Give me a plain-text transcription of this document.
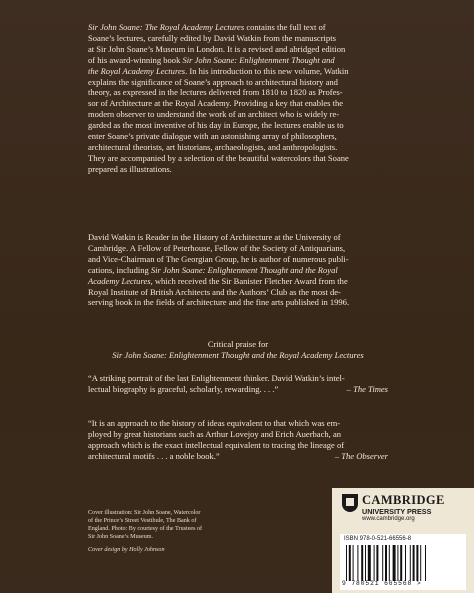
Sir John Soane: The Royal Academy Lectures contains the full text of
Soane’s lectures, carefully edited by David Watkin from the manuscripts
at Sir John Soane’s Museum in London. It is a revised and abridged edition
of his award-winning book Sir John Soane: Enlightenment Thought and
the Royal Academy Lectures. In his introduction to this new volume, Watkin
explains the significance of Soane’s approach to architectural history and
theory, as expressed in the lectures delivered from 1810 to 1820 as Profes-
sor of Architecture at the Royal Academy. Providing a key that enables the
modern observer to understand the work of an architect who is widely re-
garded as the most inventive of his day in Europe, the lectures enable us to
enter Soane’s private dialogue with an astonishing array of philosophers,
architectural theorists, art historians, archaeologists, and anthropologists.
They are accompanied by a selection of the beautiful watercolors that Soane
prepared as illustrations.
David Watkin is Reader in the History of Architecture at the University of
Cambridge. A Fellow of Peterhouse, Fellow of the Society of Antiquarians,
and Vice-Chairman of The Georgian Group, he is author of numerous publi-
cations, including Sir John Soane: Enlightenment Thought and the Royal
Academy Lectures, which received the Sir Banister Fletcher Award from the
Royal Institute of British Architects and the Authors’ Club as the most de-
serving book in the fields of architecture and the fine arts published in 1996.
Critical praise for
Sir John Soane: Enlightenment Thought and the Royal Academy Lectures
“A striking portrait of the last Enlightenment thinker. David Watkin’s intel-
lectual biography is graceful, scholarly, rewarding. . . .”	– The Times
“It is an approach to the history of ideas equivalent to that which was em-
ployed by great historians such as Arthur Lovejoy and Erich Auerbach, an
approach which is the exact intellectual equivalent to tracing the lineage of
architectural motifs . . . a noble book.”	– The Observer
Cover illustration: Sir John Soane, Watercolor
of the Prince’s Street Vestibule, The Bank of
England. Photo: By courtesy of the Trustees of
Sir John Soane’s Museum.
Cover design by Holly Johnson
CAMBRIDGE
UNIVERSITY PRESS
www.cambridge.org
ISBN 978-0-521-66556-8
9 780521 665568 >
